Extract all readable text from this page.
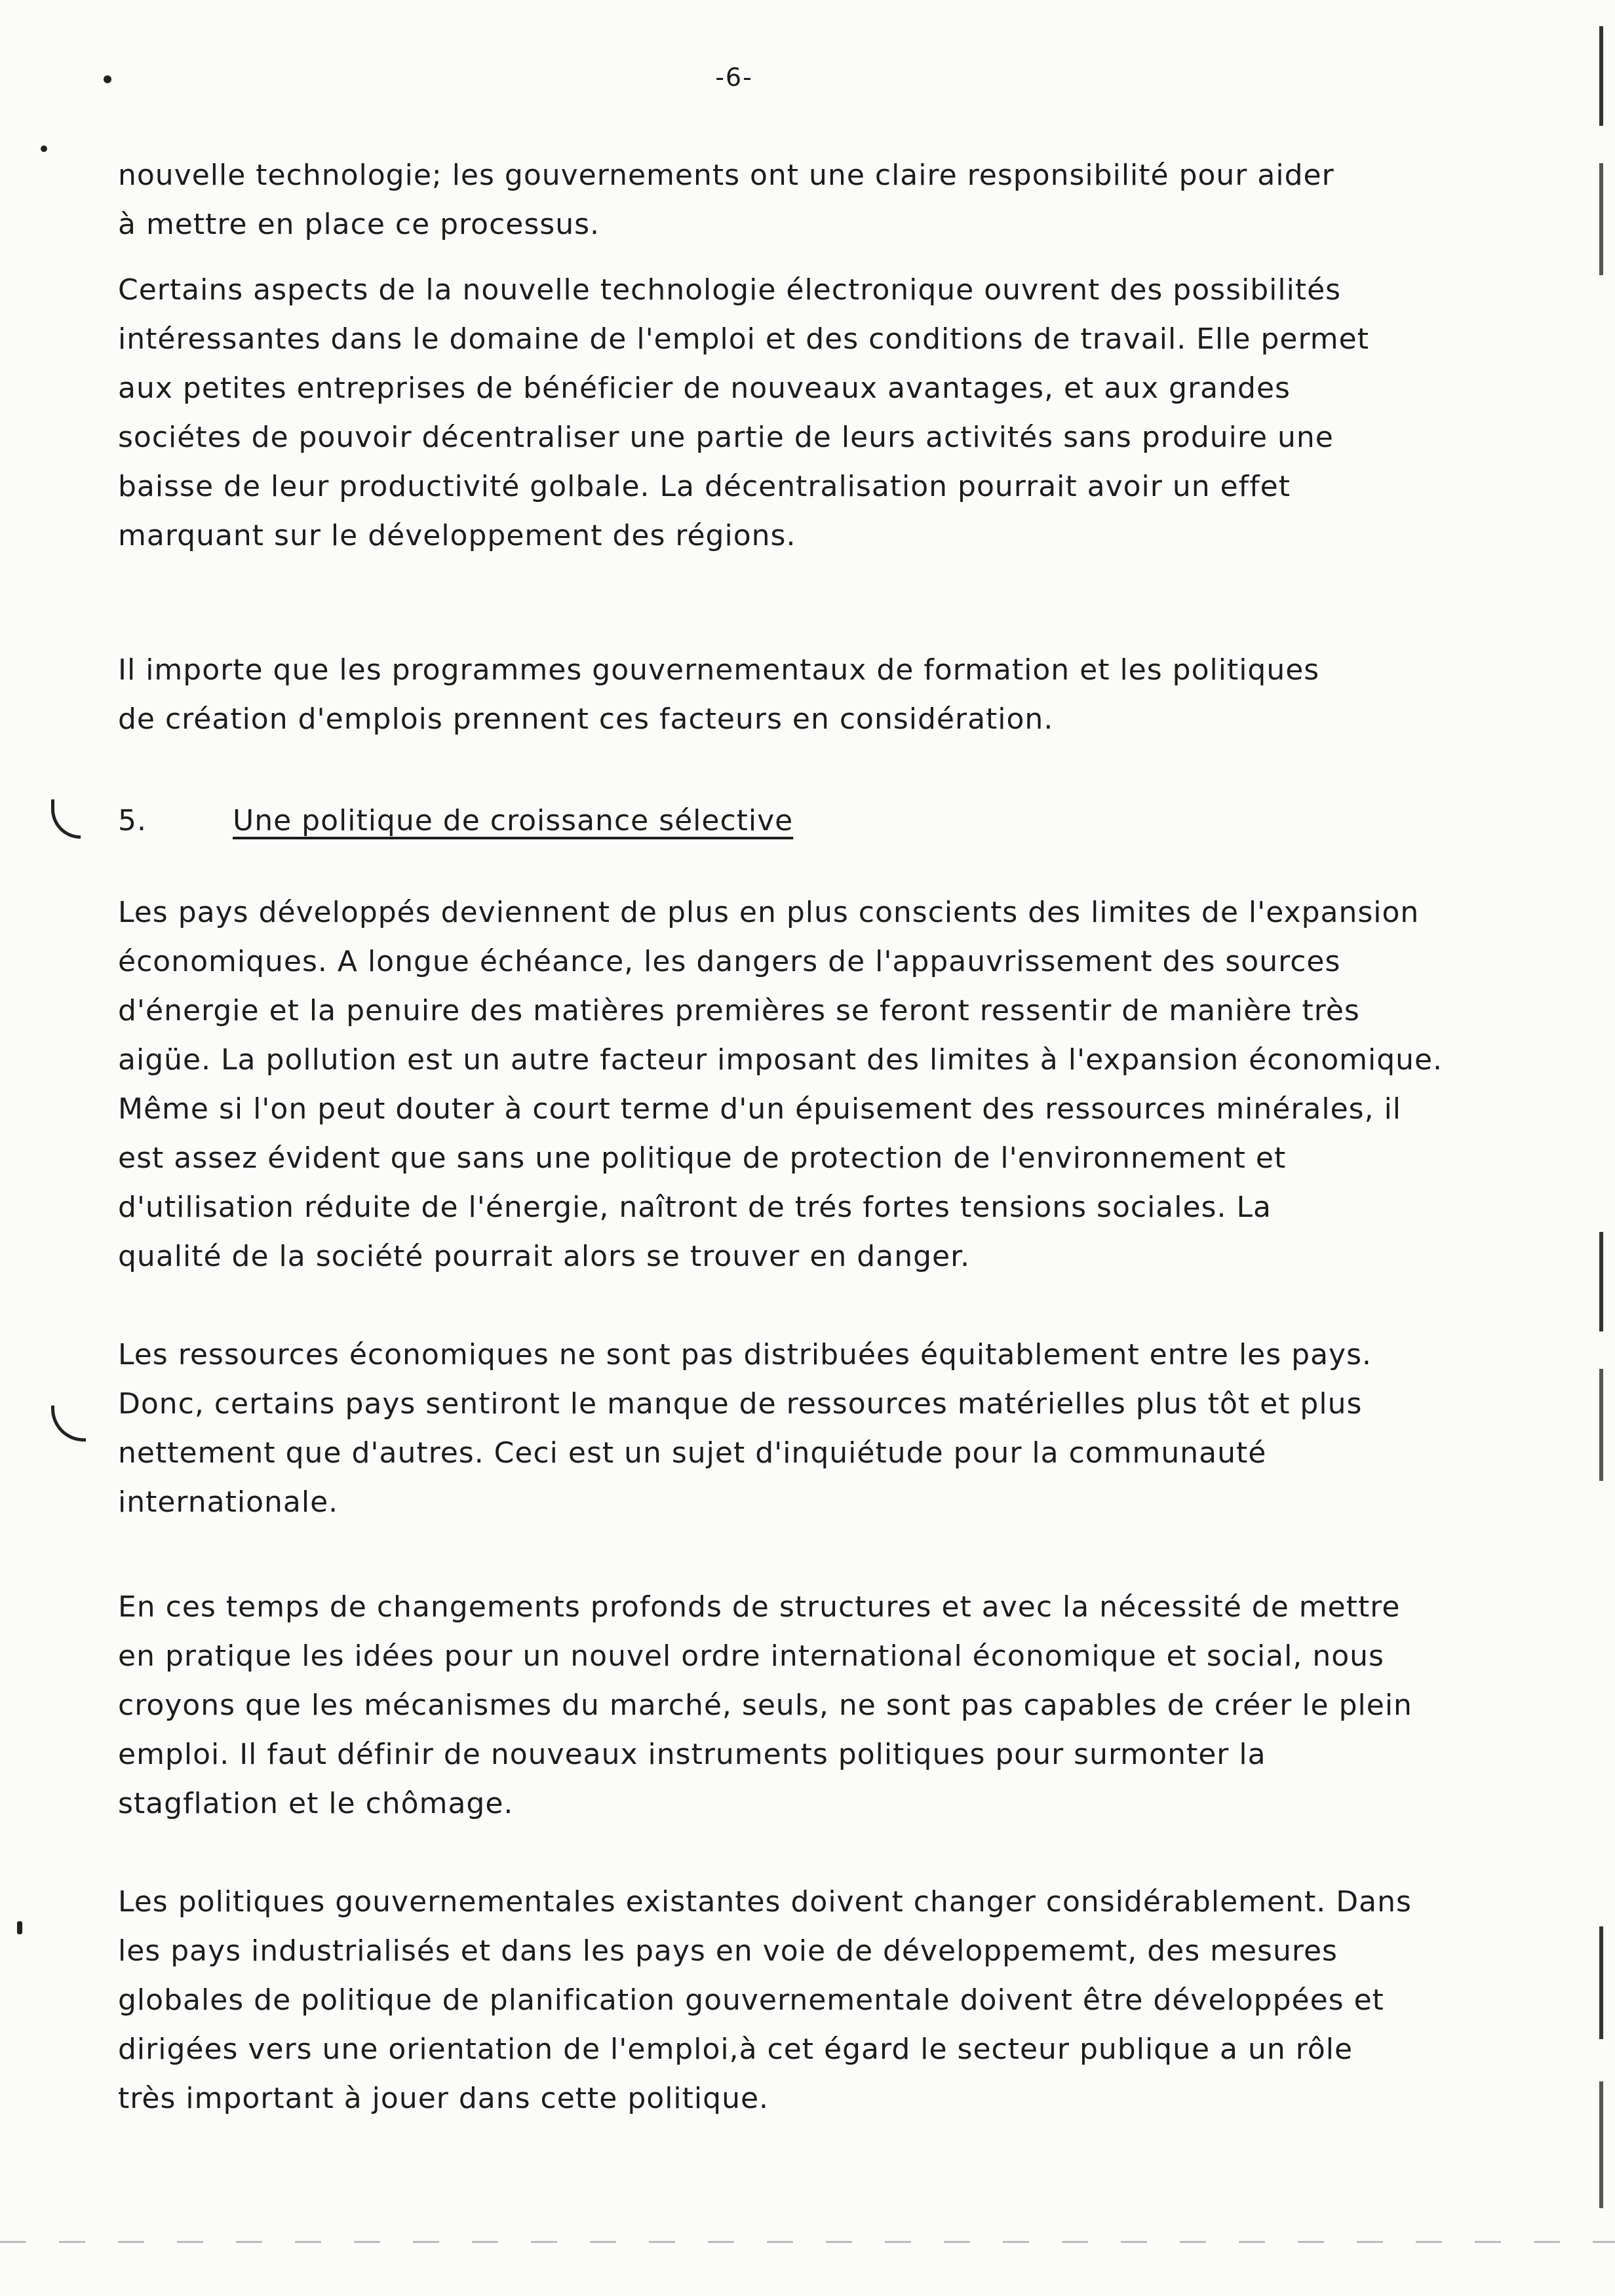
-6-

nouvelle technologie; les gouvernements ont une claire responsibilité pour aider
à mettre en place ce processus.

Certains aspects de la nouvelle technologie électronique ouvrent des possibilités
intéressantes dans le domaine de l'emploi et des conditions de travail. Elle permet
aux petites entreprises de bénéficier de nouveaux avantages, et aux grandes
sociétes de pouvoir décentraliser une partie de leurs activités sans produire une
baisse de leur productivité golbale. La décentralisation pourrait avoir un effet
marquant sur le développement des régions.

Il importe que les programmes gouvernementaux de formation et les politiques
de création d'emplois prennent ces facteurs en considération.

5.	Une politique de croissance sélective

Les pays développés deviennent de plus en plus conscients des limites de l'expansion
économiques. A longue échéance, les dangers de l'appauvrissement des sources
d'énergie et la penuire des matières premières se feront ressentir de manière très
aigüe. La pollution est un autre facteur imposant des limites à l'expansion économique.
Même si l'on peut douter à court terme d'un épuisement des ressources minérales, il
est assez évident que sans une politique de protection de l'environnement et
d'utilisation réduite de l'énergie, naîtront de trés fortes tensions sociales. La
qualité de la société pourrait alors se trouver en danger.

Les ressources économiques ne sont pas distribuées équitablement entre les pays.
Donc, certains pays sentiront le manque de ressources matérielles plus tôt et plus
nettement que d'autres. Ceci est un sujet d'inquiétude pour la communauté
internationale.

En ces temps de changements profonds de structures et avec la nécessité de mettre
en pratique les idées pour un nouvel ordre international économique et social, nous
croyons que les mécanismes du marché, seuls, ne sont pas capables de créer le plein
emploi. Il faut définir de nouveaux instruments politiques pour surmonter la
stagflation et le chômage.

Les politiques gouvernementales existantes doivent changer considérablement. Dans
les pays industrialisés et dans les pays en voie de développememt, des mesures
globales de politique de planification gouvernementale doivent être développées et
dirigées vers une orientation de l'emploi,à cet égard le secteur publique a un rôle
très important à jouer dans cette politique.
